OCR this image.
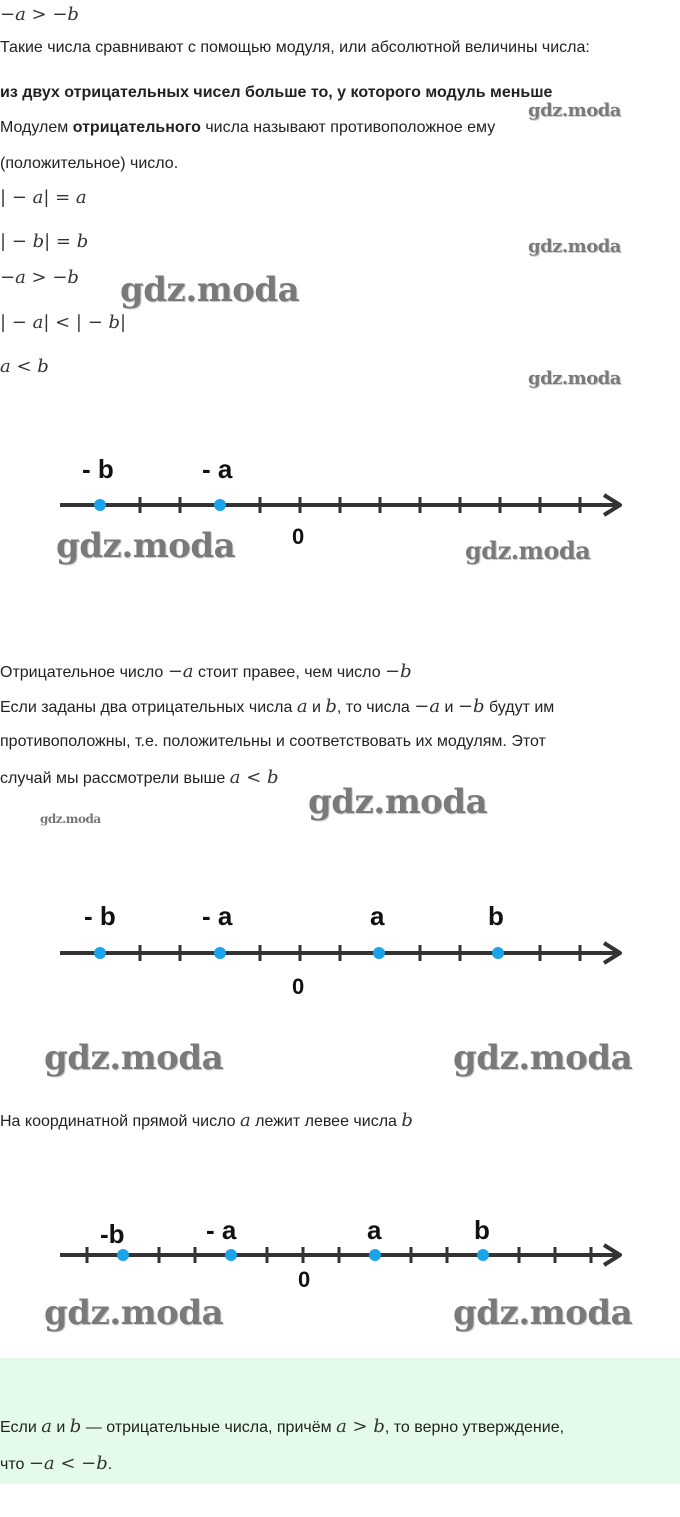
−a > −b
Такие числа сравнивают с помощью модуля, или абсолютной величины числа:
из двух отрицательных чисел больше то, у которого модуль меньше
Модулем отрицательного числа называют противоположное ему
(положительное) число.
| − a| = a
| − b| = b
−a > −b
| − a| < | − b|
a < b
gdz.moda
gdz.moda
gdz.moda
gdz.moda
- b	- a
0
gdz.moda	gdz.moda
Отрицательное число −a стоит правее, чем число −b
Если заданы два отрицательных числа a и b, то числа −a и −b будут им
противоположны, т.е. положительны и соответствовать их модулям. Этот
случай мы рассмотрели выше a < b
gdz.moda
gdz.moda
- b	- a	a	b
0
gdz.moda	gdz.moda
На координатной прямой число a лежит левее числа b
-b	- a	a	b
0
gdz.moda	gdz.moda
Если a и b — отрицательные числа, причём a > b, то верно утверждение,
что −a < −b.
